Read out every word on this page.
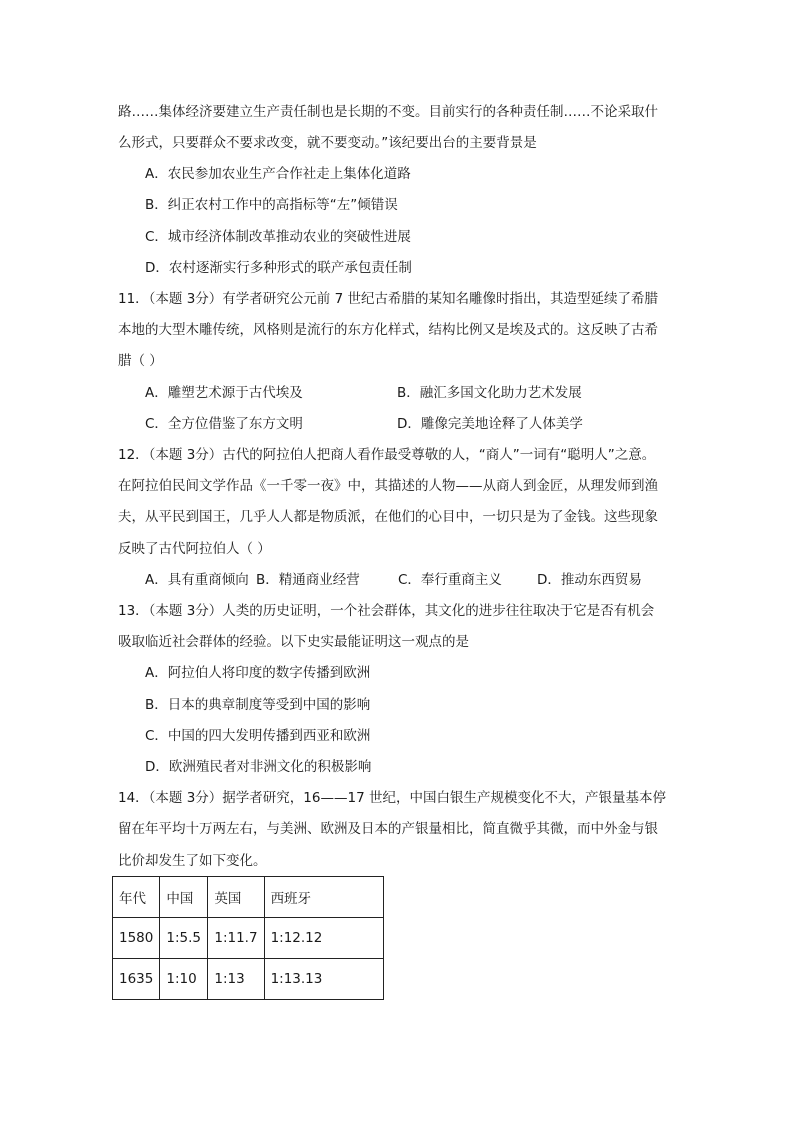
路……集体经济要建立生产责任制也是长期的不变。目前实行的各种责任制……不论采取什
么形式，只要群众不要求改变，就不要变动。”该纪要出台的主要背景是
A．农民参加农业生产合作社走上集体化道路
B．纠正农村工作中的高指标等“左”倾错误
C．城市经济体制改革推动农业的突破性进展
D．农村逐渐实行多种形式的联产承包责任制
11．（本题 3分）有学者研究公元前 7 世纪古希腊的某知名雕像时指出，其造型延续了希腊
本地的大型木雕传统，风格则是流行的东方化样式，结构比例又是埃及式的。这反映了古希
腊（ ）
A．雕塑艺术源于古代埃及	B．融汇多国文化助力艺术发展
C．全方位借鉴了东方文明	D．雕像完美地诠释了人体美学
12．（本题 3分）古代的阿拉伯人把商人看作最受尊敬的人，“商人”一词有“聪明人”之意。
在阿拉伯民间文学作品《一千零一夜》中，其描述的人物——从商人到金匠，从理发师到渔
夫，从平民到国王，几乎人人都是物质派，在他们的心目中，一切只是为了金钱。这些现象
反映了古代阿拉伯人（ ）
A．具有重商倾向 B．精通商业经营	C．奉行重商主义	D．推动东西贸易
13．（本题 3分）人类的历史证明，一个社会群体，其文化的进步往往取决于它是否有机会
吸取临近社会群体的经验。以下史实最能证明这一观点的是
A．阿拉伯人将印度的数字传播到欧洲
B．日本的典章制度等受到中国的影响
C．中国的四大发明传播到西亚和欧洲
D．欧洲殖民者对非洲文化的积极影响
14．（本题 3分）据学者研究，16——17 世纪，中国白银生产规模变化不大，产银量基本停
留在年平均十万两左右，与美洲、欧洲及日本的产银量相比，简直微乎其微，而中外金与银
比价却发生了如下变化。
年代	中国	英国	西班牙
1580	1:5.5	1:11.7	1:12.12
1635	1:10	1:13	1:13.13
